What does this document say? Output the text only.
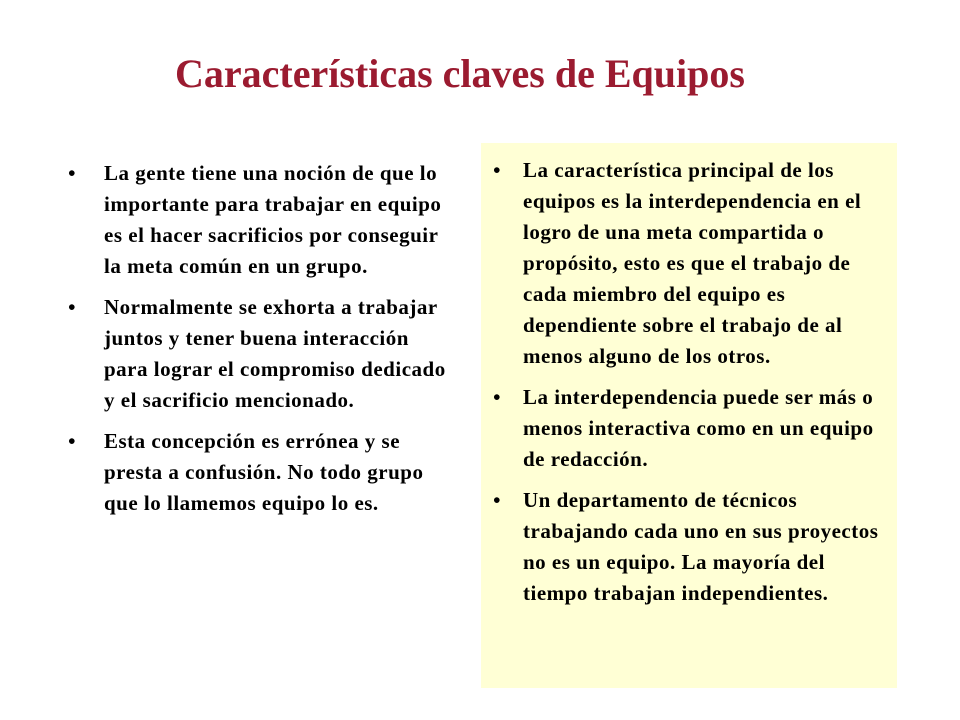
Características claves de Equipos
• La gente tiene una noción de que lo importante para trabajar en equipo es el hacer sacrificios por conseguir la meta común en un grupo.
• Normalmente se exhorta a trabajar juntos y tener buena interacción para lograr el compromiso dedicado y el sacrificio mencionado.
• Esta concepción es errónea y se presta a confusión. No todo grupo que lo llamemos equipo lo es.
• La característica principal de los equipos es la interdependencia en el logro de una meta compartida o propósito, esto es que el trabajo de cada miembro del equipo es dependiente sobre el trabajo de al menos alguno de los otros.
• La interdependencia puede ser más o menos interactiva como en un equipo de redacción.
• Un departamento de técnicos trabajando cada uno en sus proyectos no es un equipo. La mayoría del tiempo trabajan independientes.
